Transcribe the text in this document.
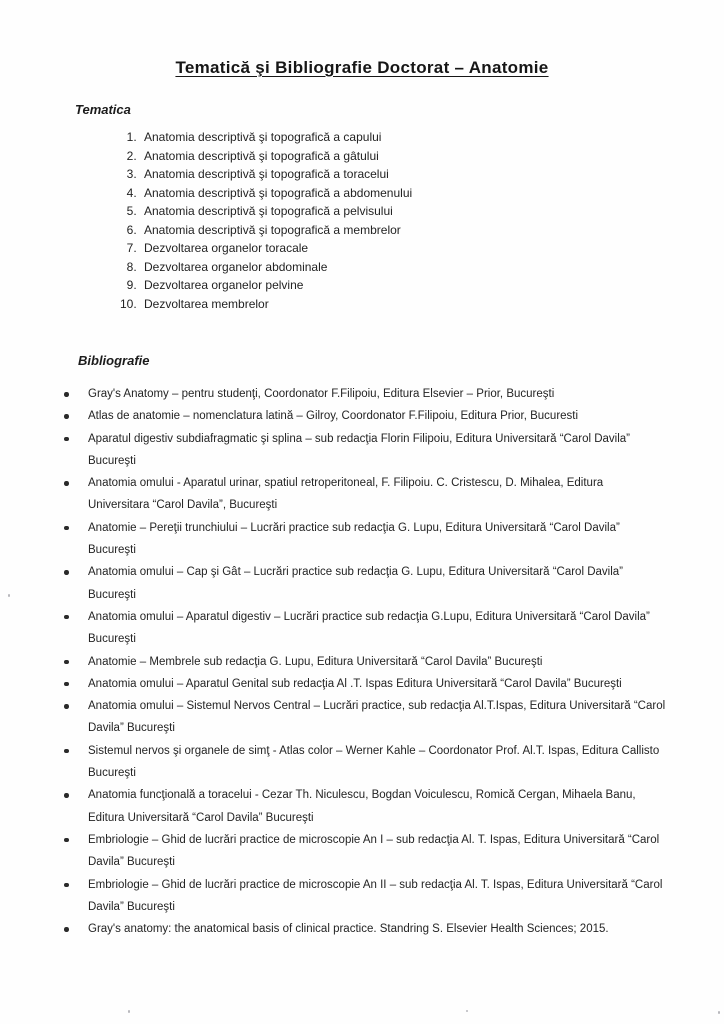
Tematică şi Bibliografie Doctorat – Anatomie
Tematica
1. Anatomia descriptivă şi topografică a capului
2. Anatomia descriptivă şi topografică a gâtului
3. Anatomia descriptivă şi topografică a toracelui
4. Anatomia descriptivă şi topografică a abdomenului
5. Anatomia descriptivă şi topografică a pelvisului
6. Anatomia descriptivă şi topografică a membrelor
7. Dezvoltarea organelor toracale
8. Dezvoltarea organelor abdominale
9. Dezvoltarea organelor pelvine
10. Dezvoltarea membrelor
Bibliografie
Gray's Anatomy – pentru studenţi, Coordonator F.Filipoiu, Editura Elsevier – Prior, Bucureşti
Atlas de anatomie – nomenclatura latină – Gilroy, Coordonator F.Filipoiu, Editura Prior, Bucuresti
Aparatul digestiv subdiafragmatic şi splina – sub redacţia Florin Filipoiu, Editura Universitară “Carol Davila” Bucureşti
Anatomia omului - Aparatul urinar, spatiul retroperitoneal, F. Filipoiu. C. Cristescu, D. Mihalea, Editura Universitara “Carol Davila”, Bucureşti
Anatomie – Pereţii trunchiului – Lucrări practice sub redacţia G. Lupu, Editura Universitară “Carol Davila” Bucureşti
Anatomia omului – Cap şi Gât – Lucrări practice sub redacţia G. Lupu, Editura Universitară “Carol Davila” Bucureşti
Anatomia omului – Aparatul digestiv – Lucrări practice sub redacţia G.Lupu, Editura Universitară “Carol Davila” Bucureşti
Anatomie – Membrele sub redacţia G. Lupu, Editura Universitară “Carol Davila” Bucureşti
Anatomia omului – Aparatul Genital sub redacţia Al .T. Ispas Editura Universitară “Carol Davila” Bucureşti
Anatomia omului – Sistemul Nervos Central – Lucrări practice, sub redacţia Al.T.Ispas, Editura Universitară “Carol Davila” Bucureşti
Sistemul nervos şi organele de simţ - Atlas color – Werner Kahle – Coordonator Prof. Al.T. Ispas, Editura Callisto Bucureşti
Anatomia funcţională a toracelui - Cezar Th. Niculescu, Bogdan Voiculescu, Romică Cergan, Mihaela Banu, Editura Universitară “Carol Davila” Bucureşti
Embriologie – Ghid de lucrări practice de microscopie An I – sub redacţia Al. T. Ispas, Editura Universitară “Carol Davila” Bucureşti
Embriologie – Ghid de lucrări practice de microscopie An II – sub redacţia Al. T. Ispas, Editura Universitară “Carol Davila” Bucureşti
Gray's anatomy: the anatomical basis of clinical practice. Standring S. Elsevier Health Sciences; 2015.
